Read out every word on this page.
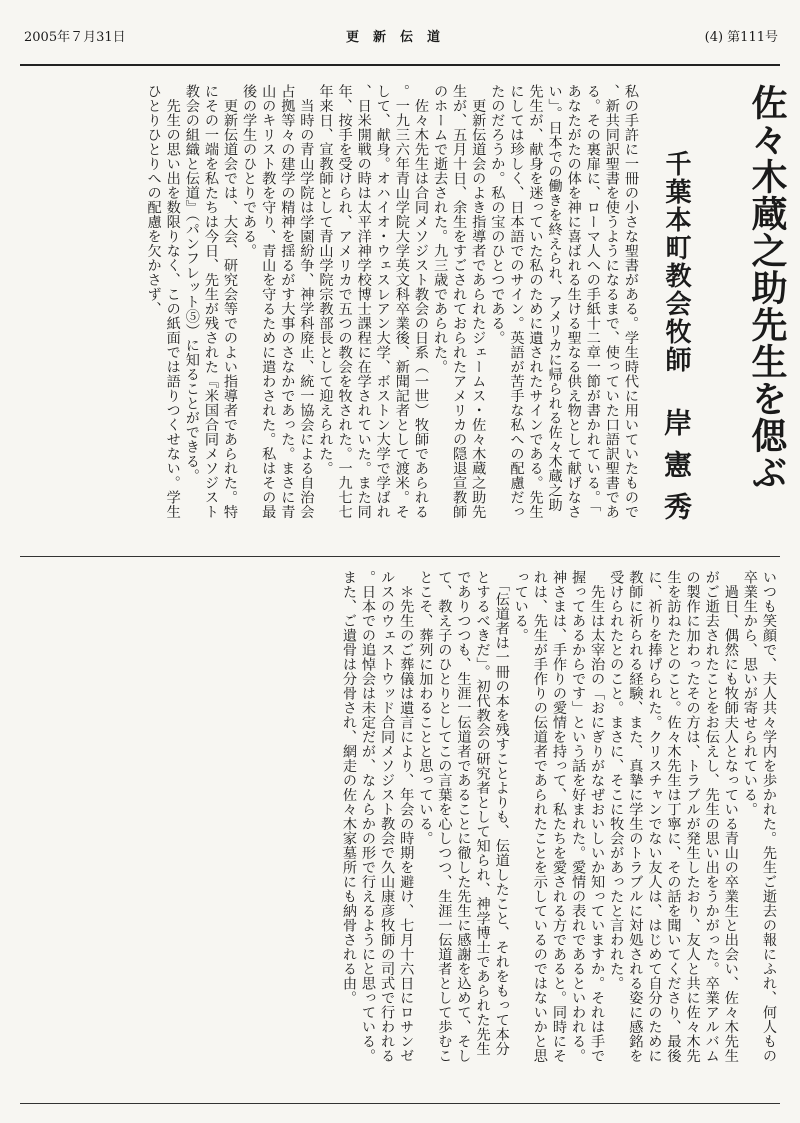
2005年７月31日	更新伝道	(4) 第111号
佐々木蔵之助先生を偲ぶ
千葉本町教会牧師
岸憲秀
私の手許に一冊の小さな聖書がある。学生時代に用いていたもので
、新共同訳聖書を使うようになるまで、使っていた口語訳聖書であ
る。その裏扉に、ローマ人への手紙十二章一節が書かれている。「
あなたがたの体を神に喜ばれる生ける聖なる供え物として献げなさ
い」。日本での働きを終えられ、アメリカに帰られる佐々木蔵之助
先生が、献身を迷っていた私のために遺されたサインである。先生
にしては珍しく、日本語でのサイン。英語が苦手な私への配慮だっ
たのだろうか。私の宝のひとつである。
　更新伝道会のよき指導者であられたジェームス・佐々木蔵之助先
生が、五月十日、余生をすごされておられたアメリカの隠退宣教師
のホームで逝去された。九三歳であられた。
　佐々木先生は合同メソジスト教会の日系（一世）牧師であられる
。一九三六年青山学院大学英文科卒業後、新聞記者として渡米。そ
して、献身。オハイオ・ウェスレアン大学、ボストン大学で学ばれ
、日米開戦の時は太平洋神学校博士課程に在学されていた。また同
年、按手を受けられ、アメリカで五つの教会を牧された。一九七七
年来日、宣教師として青山学院宗教部長として迎えられた。
　当時の青山学院は学園紛争、神学科廃止、統一協会による自治会
占拠等々の建学の精神を揺るがす大事のさなかであった。まさに青
山のキリスト教を守り、青山を守るために遣わされた。私はその最
後の学生のひとりである。
　更新伝道会では、大会、研究会等でのよい指導者であられた。特
にその一端を私たちは今日、先生が残された『米国合同メソジスト
教会の組織と伝道』（パンフレット⑤）に知ることができる。
　先生の思い出を数限りなく、この紙面では語りつくせない。学生
ひとりひとりへの配慮を欠かさず、
いつも笑顔で、夫人共々学内を歩かれた。先生ご逝去の報にふれ、何人もの
卒業生から、思いが寄せられている。
　過日、偶然にも牧師夫人となっている青山の卒業生と出会い、佐々木先生
がご逝去されたことをお伝えし、先生の思い出をうかがった。卒業アルバム
の製作に加わったその方は、トラブルが発生したおり、友人と共に佐々木先
生を訪ねたとのこと。佐々木先生は丁寧に、その話を聞いてくださり、最後
に、祈りを捧げられた。クリスチャンでない友人は、はじめて自分のために
教師に祈られる経験、また、真摯に学生のトラブルに対処される姿に感銘を
受けられたとのこと。まさに、そこに牧会があったと言われた。
　先生は太宰治の「おにぎりがなぜおいしいか知っていますか。それは手で
握ってあるからです」という話を好まれた。愛情の表れであるといわれる。
神さまは、手作りの愛情を持って、私たちを愛される方であると。同時にそ
れは、先生が手作りの伝道者であられたことを示しているのではないかと思
っている。
　「伝道者は一冊の本を残すことよりも、伝道したこと、それをもって本分
とするべきだ」。初代教会の研究者として知られ、神学博士であられた先生
でありつつも、生涯一伝道者であることに徹した先生に感謝を込めて、そし
て、教え子のひとりとしてこの言葉を心しつつ、生涯一伝道者として歩むこ
とこそ、葬列に加わることと思っている。
　＊先生のご葬儀は遺言により、年会の時期を避け、七月十六日にロサンゼ
ルスのウェストウッド合同メソジスト教会で久山康彦牧師の司式で行われる
。日本での追悼会は未定だが、なんらかの形で行えるようにと思っている。
また、ご遺骨は分骨され、網走の佐々木家墓所にも納骨される由。
